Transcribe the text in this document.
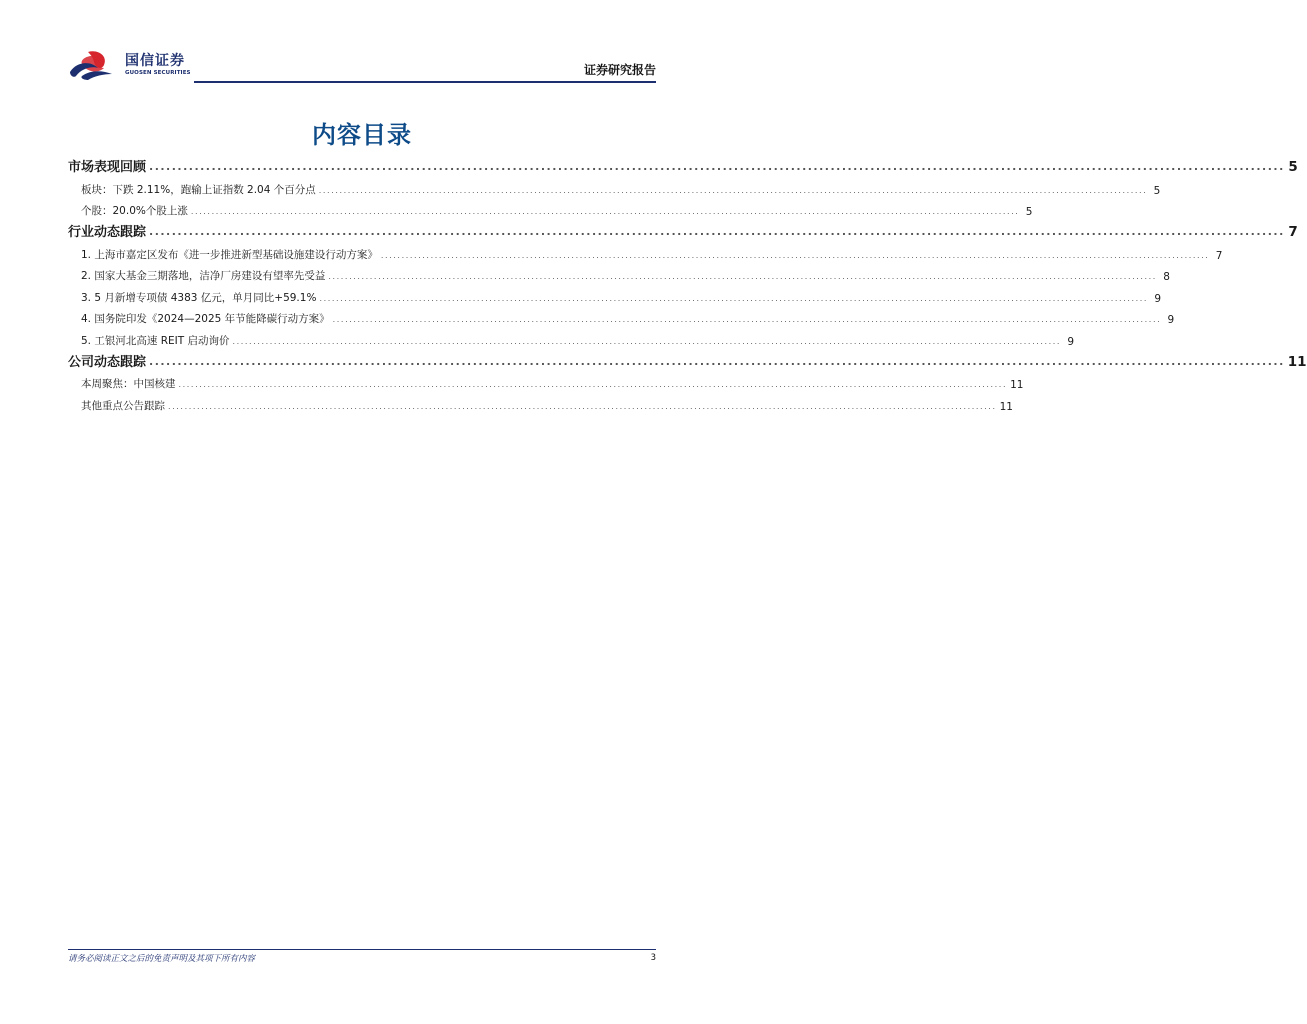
国信证券
GUOSEN SECURITIES	证券研究报告
内容目录
市场表现回顾 ........................................................................................................................................................................................................ 5
板块：下跌 2.11%，跑输上证指数 2.04 个百分点 ........................................................................................................................................................................................................ 5
个股：20.0%个股上涨 ........................................................................................................................................................................................................ 5
行业动态跟踪 ........................................................................................................................................................................................................ 7
1. 上海市嘉定区发布《进一步推进新型基础设施建设行动方案》 ........................................................................................................................................................................................................ 7
2. 国家大基金三期落地，洁净厂房建设有望率先受益 ........................................................................................................................................................................................................ 8
3. 5 月新增专项债 4383 亿元，单月同比+59.1% ........................................................................................................................................................................................................ 9
4. 国务院印发《2024—2025 年节能降碳行动方案》 ........................................................................................................................................................................................................ 9
5. 工银河北高速 REIT 启动询价 ........................................................................................................................................................................................................ 9
公司动态跟踪 ........................................................................................................................................................................................................ 11
本周聚焦：中国核建 ........................................................................................................................................................................................................ 11
其他重点公告跟踪 ........................................................................................................................................................................................................ 11
请务必阅读正文之后的免责声明及其项下所有内容	3
